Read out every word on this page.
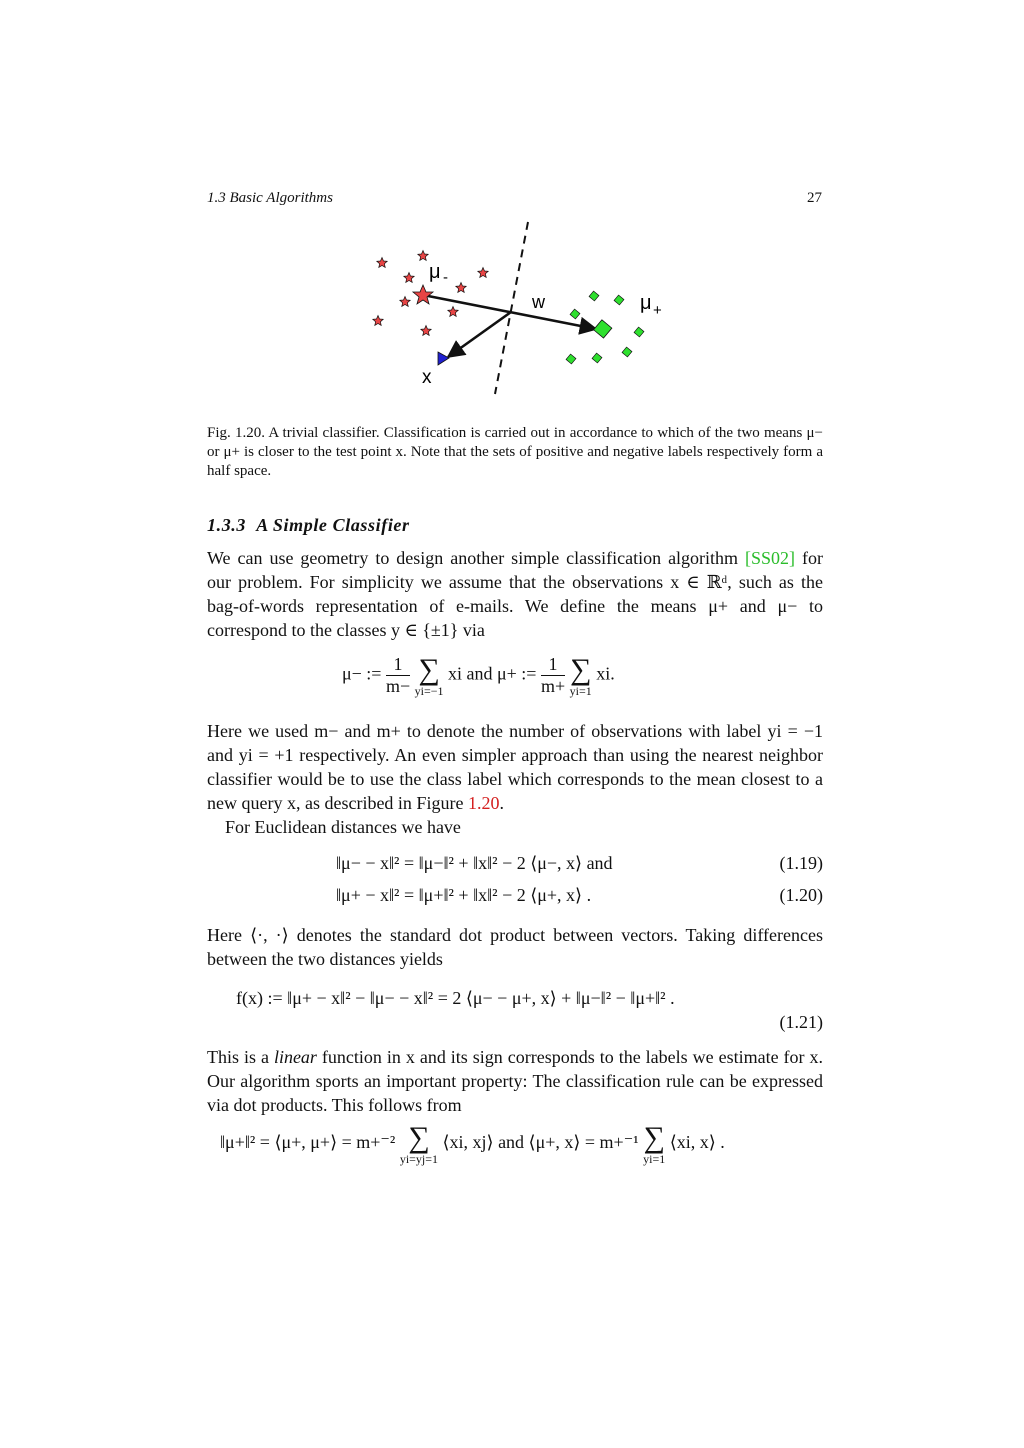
1.3 Basic Algorithms	27
μ -
w	μ +
x

Fig. 1.20. A trivial classifier. Classification is carried out in accordance to which of the two means μ− or μ+ is closer to the test point x. Note that the sets of positive and negative labels respectively form a half space.

1.3.3 A Simple Classifier

We can use geometry to design another simple classification algorithm [SS02] for our problem. For simplicity we assume that the observations x ∈ ℝᵈ, such as the bag-of-words representation of e-mails. We define the means μ+ and μ− to correspond to the classes y ∈ {±1} via

μ− := $\frac{1}{m-}$
∑
yi=−1
xi and μ+ := $\frac{1}{m+}$
∑
yi=1
xi.

Here we used m− and m+ to denote the number of observations with label yi = −1 and yi = +1 respectively. An even simpler approach than using the nearest neighbor classifier would be to use the class label which corresponds to the mean closest to a new query x, as described in Figure 1.20.

For Euclidean distances we have

‖μ− − x‖² = ‖μ−‖² + ‖x‖² − 2 ⟨μ−, x⟩ and	(1.19)
‖μ+ − x‖² = ‖μ+‖² + ‖x‖² − 2 ⟨μ+, x⟩ .	(1.20)

Here ⟨·, ·⟩ denotes the standard dot product between vectors. Taking differences between the two distances yields

f(x) := ‖μ+ − x‖² − ‖μ− − x‖² = 2 ⟨μ− − μ+, x⟩ + ‖μ−‖² − ‖μ+‖² .
(1.21)

This is a linear function in x and its sign corresponds to the labels we estimate for x. Our algorithm sports an important property: The classification rule can be expressed via dot products. This follows from

‖μ+‖² = ⟨μ+, μ+⟩ = m+⁻² ∑
yi=yj=1
⟨xi, xj⟩ and ⟨μ+, x⟩ = m+⁻¹ ∑
yi=1
⟨xi, x⟩ .
